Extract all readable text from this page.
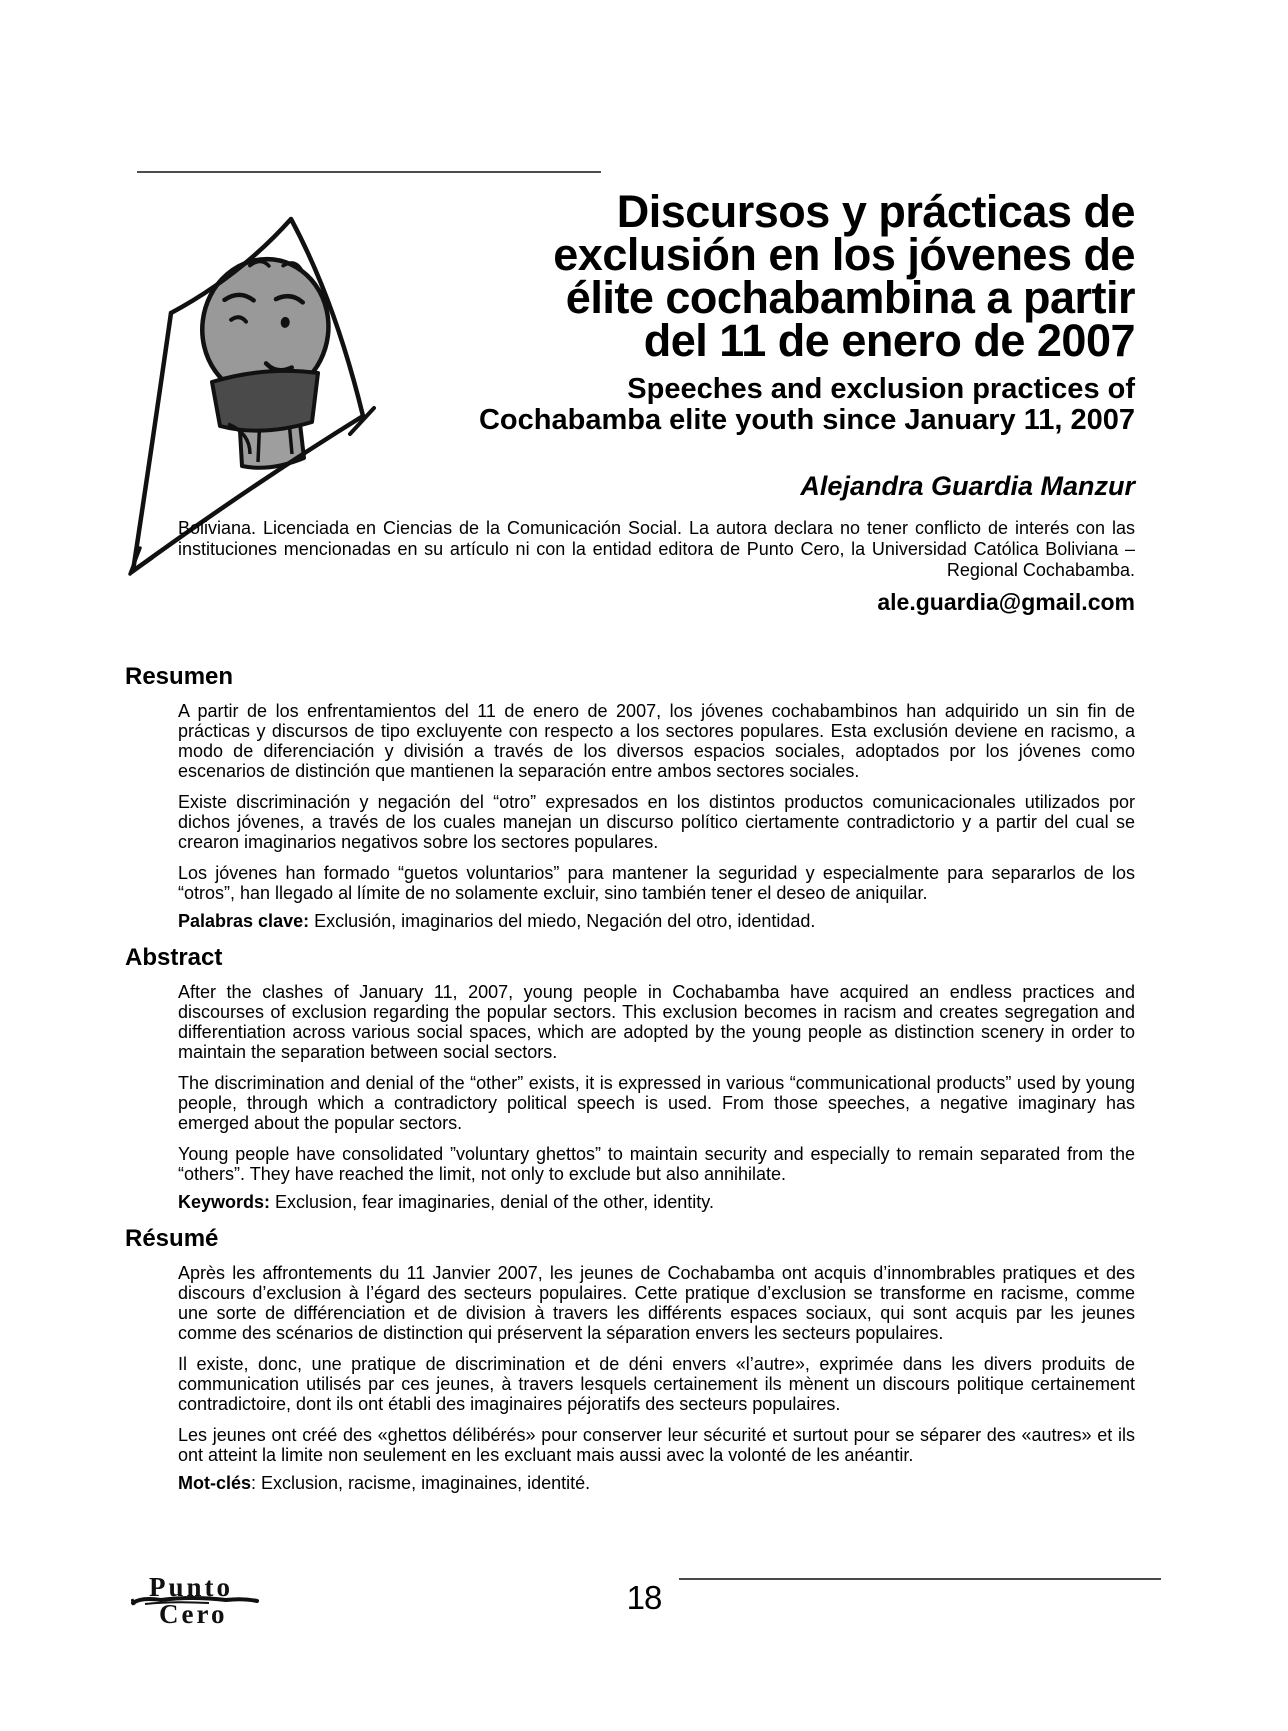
Discursos y prácticas de
exclusión en los jóvenes de
élite cochabambina a partir
del 11 de enero de 2007
Speeches and exclusion practices of
Cochabamba elite youth since January 11, 2007
Alejandra Guardia Manzur
Boliviana. Licenciada en Ciencias de la Comunicación Social. La autora declara no tener conflicto de interés con las instituciones mencionadas en su artículo ni con la entidad editora de Punto Cero, la Universidad Católica Boliviana – Regional Cochabamba.
ale.guardia@gmail.com
Resumen

A partir de los enfrentamientos del 11 de enero de 2007, los jóvenes cochabambinos han adquirido un sin fin de prácticas y discursos de tipo excluyente con respecto a los sectores populares. Esta exclusión deviene en racismo, a modo de diferenciación y división a través de los diversos espacios sociales, adoptados por los jóvenes como escenarios de distinción que mantienen la separación entre ambos sectores sociales.

Existe discriminación y negación del “otro” expresados en los distintos productos comunicacionales utilizados por dichos jóvenes, a través de los cuales manejan un discurso político ciertamente contradictorio y a partir del cual se crearon imaginarios negativos sobre los sectores populares.

Los jóvenes han formado “guetos voluntarios” para mantener la seguridad y especialmente para separarlos de los “otros”, han llegado al límite de no solamente excluir, sino también tener el deseo de aniquilar.

Palabras clave: Exclusión, imaginarios del miedo, Negación del otro, identidad.

Abstract

After the clashes of January 11, 2007, young people in Cochabamba have acquired an endless practices and discourses of exclusion regarding the popular sectors. This exclusion becomes in racism and creates segregation and differentiation across various social spaces, which are adopted by the young people as distinction scenery in order to maintain the separation between social sectors.

The discrimination and denial of the “other” exists, it is expressed in various “communicational products” used by young people, through which a contradictory political speech is used. From those speeches, a negative imaginary has emerged about the popular sectors.

Young people have consolidated ”voluntary ghettos” to maintain security and especially to remain separated from the “others”. They have reached the limit, not only to exclude but also annihilate.

Keywords: Exclusion, fear imaginaries, denial of the other, identity.

Résumé

Après les affrontements du 11 Janvier 2007, les jeunes de Cochabamba ont acquis d’innombrables pratiques et des discours d’exclusion à l’égard des secteurs populaires. Cette pratique d’exclusion se transforme en racisme, comme une sorte de différenciation et de division à travers les différents espaces sociaux, qui sont acquis par les jeunes comme des scénarios de distinction qui préservent la séparation envers les secteurs populaires.

Il existe, donc, une pratique de discrimination et de déni envers «l’autre», exprimée dans les divers produits de communication utilisés par ces jeunes, à travers lesquels certainement ils mènent un discours politique certainement contradictoire, dont ils ont établi des imaginaires péjoratifs des secteurs populaires.

Les jeunes ont créé des «ghettos délibérés» pour conserver leur sécurité et surtout pour se séparer des «autres» et ils ont atteint la limite non seulement en les excluant mais aussi avec la volonté de les anéantir.

Mot-clés: Exclusion, racisme, imaginaines, identité.

Punto
Cero	18
